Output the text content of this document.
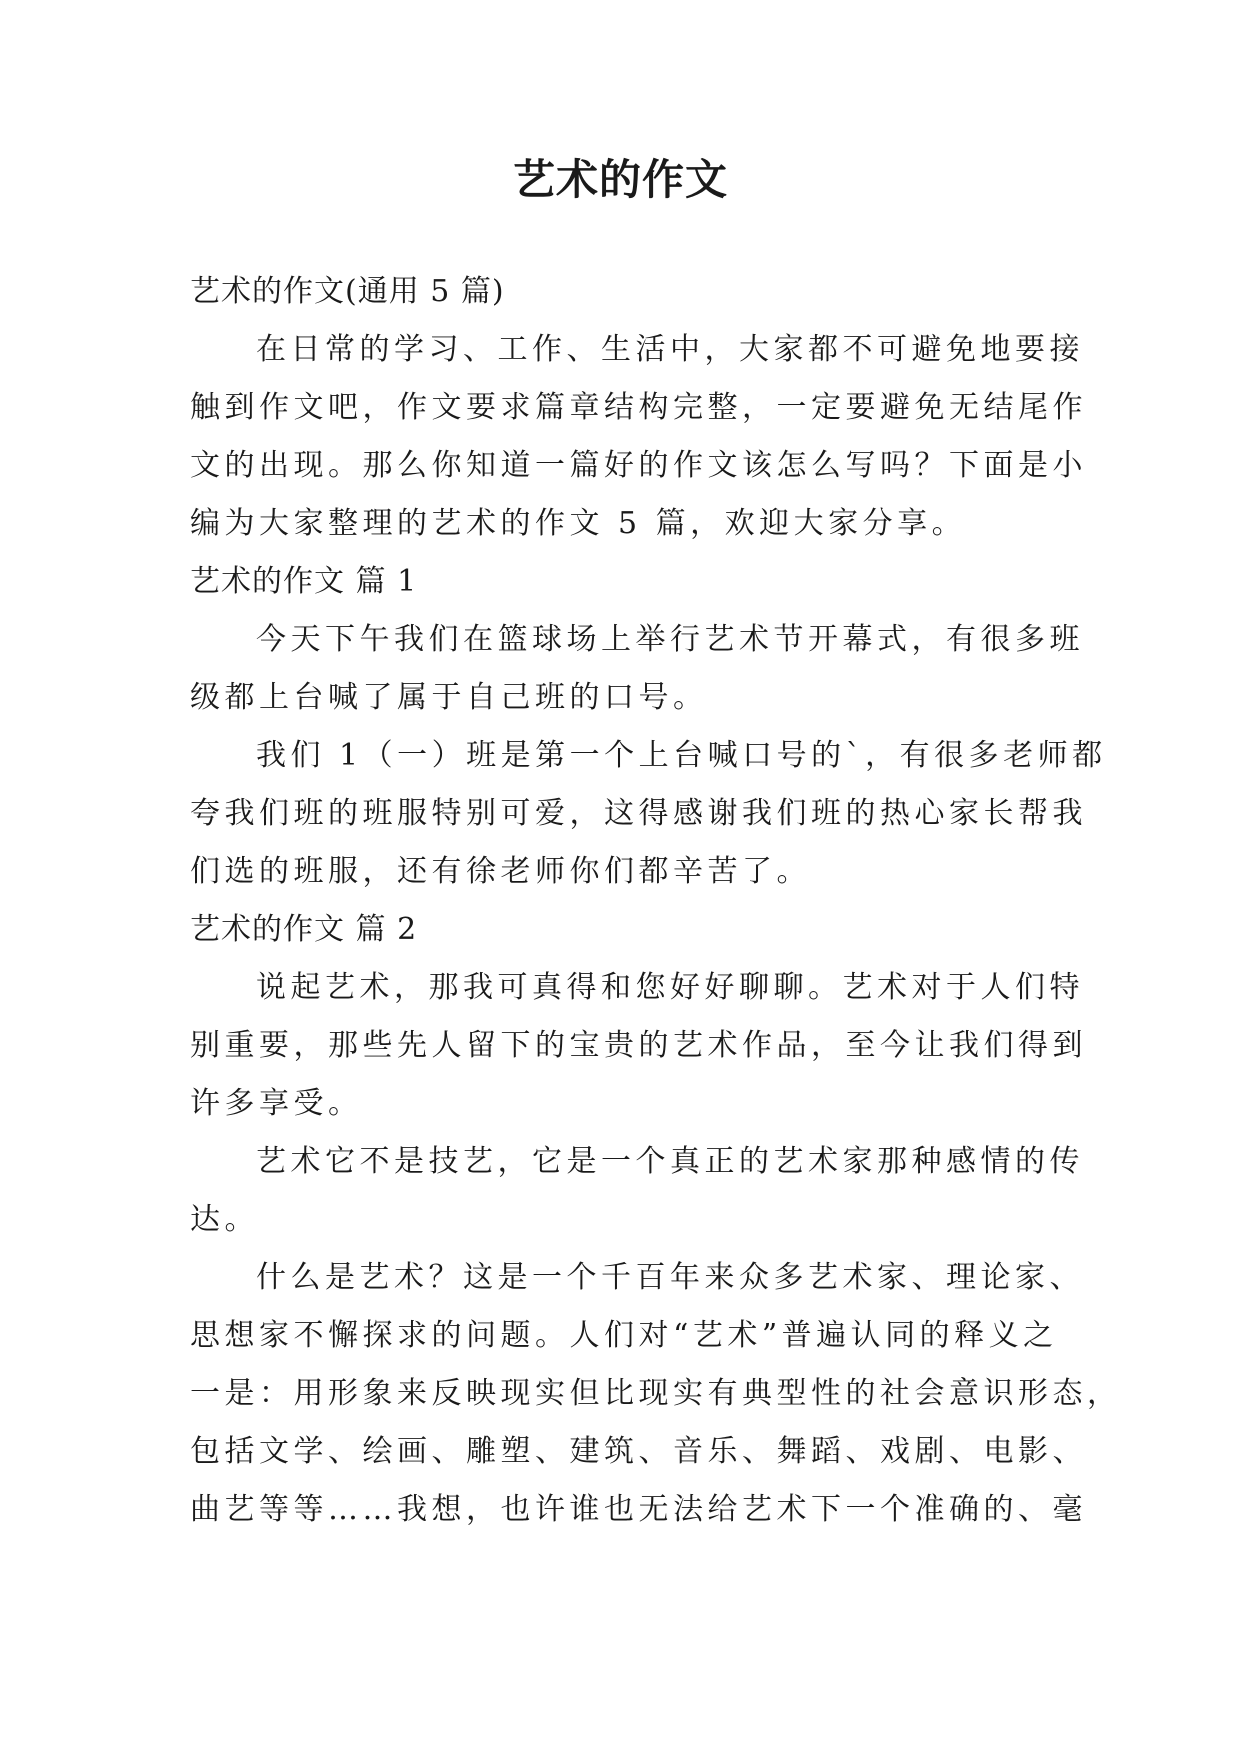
艺术的作文

艺术的作文(通用 5 篇)

在日常的学习、工作、生活中，大家都不可避免地要接

触到作文吧，作文要求篇章结构完整，一定要避免无结尾作

文的出现。那么你知道一篇好的作文该怎么写吗？下面是小

编为大家整理的艺术的作文 5 篇，欢迎大家分享。

艺术的作文 篇 1

今天下午我们在篮球场上举行艺术节开幕式，有很多班

级都上台喊了属于自己班的口号。

我们 1（一）班是第一个上台喊口号的`，有很多老师都

夸我们班的班服特别可爱，这得感谢我们班的热心家长帮我

们选的班服，还有徐老师你们都辛苦了。

艺术的作文 篇 2

说起艺术，那我可真得和您好好聊聊。艺术对于人们特

别重要，那些先人留下的宝贵的艺术作品，至今让我们得到

许多享受。

艺术它不是技艺，它是一个真正的艺术家那种感情的传

达。

什么是艺术？这是一个千百年来众多艺术家、理论家、

思想家不懈探求的问题。人们对“艺术”普遍认同的释义之

一是：用形象来反映现实但比现实有典型性的社会意识形态，

包括文学、绘画、雕塑、建筑、音乐、舞蹈、戏剧、电影、

曲艺等等……我想，也许谁也无法给艺术下一个准确的、毫
